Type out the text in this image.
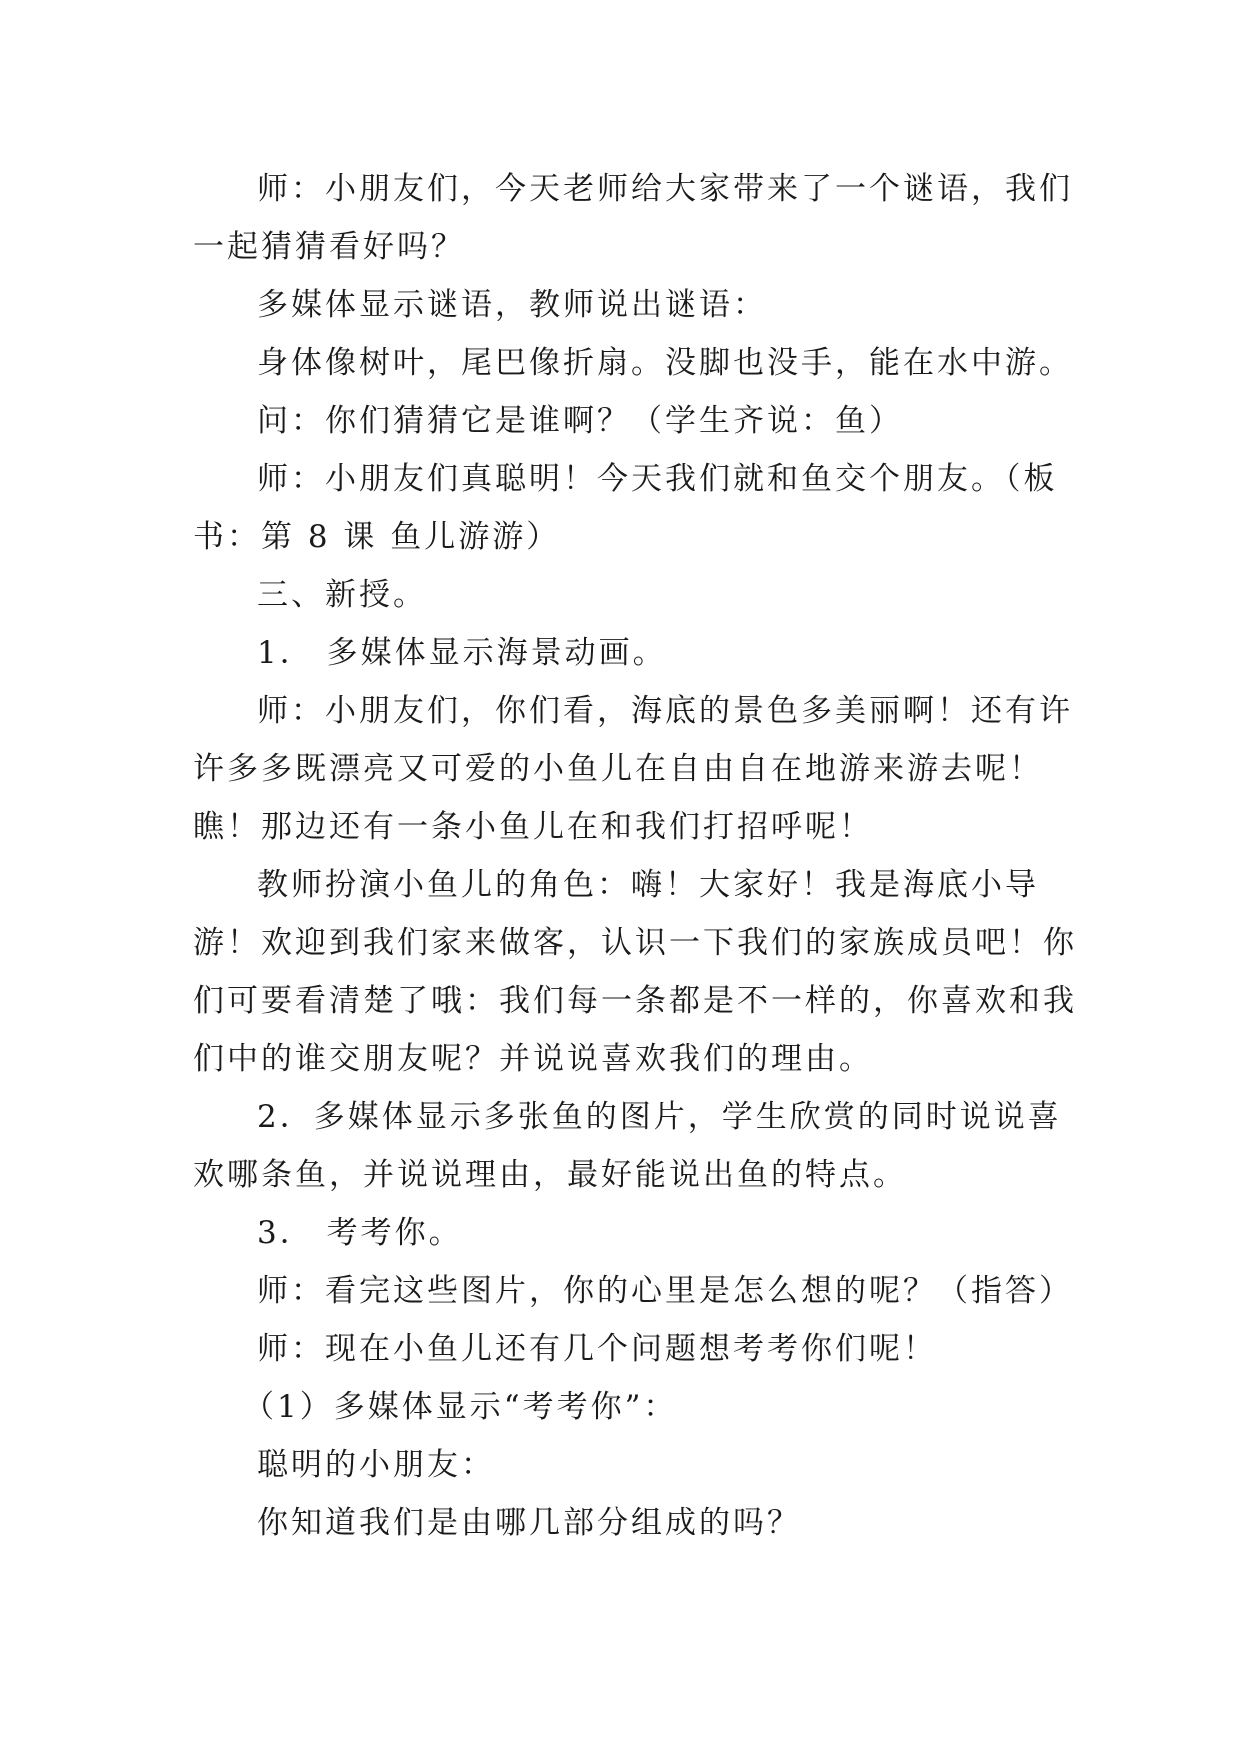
师：小朋友们，今天老师给大家带来了一个谜语，我们
一起猜猜看好吗？

多媒体显示谜语，教师说出谜语：

身体像树叶，尾巴像折扇。没脚也没手，能在水中游。

问：你们猜猜它是谁啊？（学生齐说：鱼）

师：小朋友们真聪明！今天我们就和鱼交个朋友。（板
书：第 8 课 鱼儿游游）

三、新授。

1． 多媒体显示海景动画。

师：小朋友们，你们看，海底的景色多美丽啊！还有许
许多多既漂亮又可爱的小鱼儿在自由自在地游来游去呢！
瞧！那边还有一条小鱼儿在和我们打招呼呢！

教师扮演小鱼儿的角色：嗨！大家好！我是海底小导
游！欢迎到我们家来做客，认识一下我们的家族成员吧！你
们可要看清楚了哦：我们每一条都是不一样的，你喜欢和我
们中的谁交朋友呢？并说说喜欢我们的理由。

2．多媒体显示多张鱼的图片，学生欣赏的同时说说喜
欢哪条鱼，并说说理由，最好能说出鱼的特点。

3． 考考你。

师：看完这些图片，你的心里是怎么想的呢？（指答）

师：现在小鱼儿还有几个问题想考考你们呢！

（1）多媒体显示“考考你”：

聪明的小朋友：

你知道我们是由哪几部分组成的吗？
